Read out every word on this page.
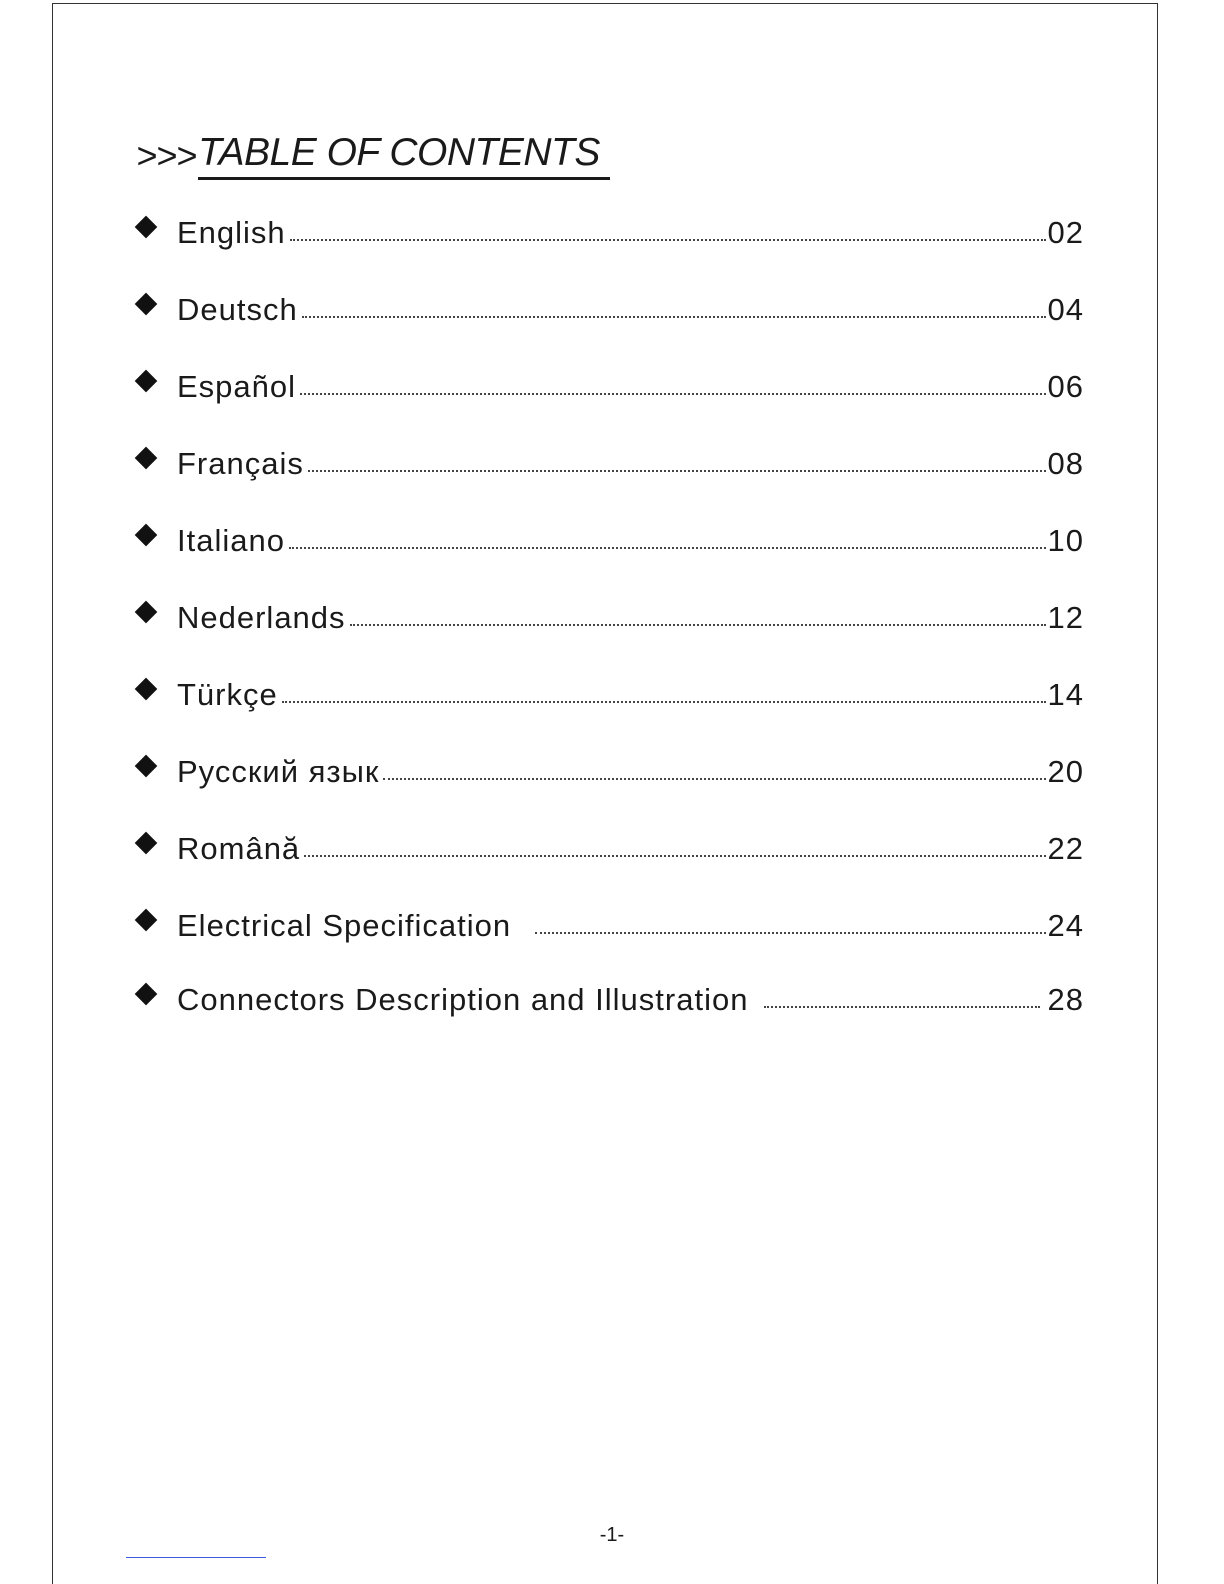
>>> TABLE OF CONTENTS
English	02
Deutsch	04
Español	06
Français	08
Italiano	10
Nederlands	12
Türkçe	14
Русский язык	20
Română	22
Electrical Specification	24
Connectors Description and Illustration	28
-1-
